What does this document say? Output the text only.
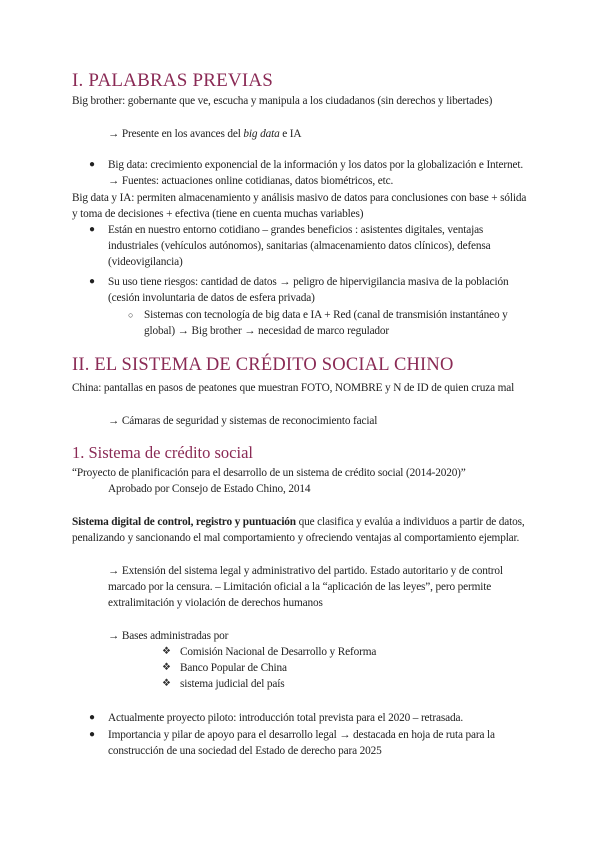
I. PALABRAS PREVIAS
Big brother: gobernante que ve, escucha y manipula a los ciudadanos (sin derechos y libertades)
→ Presente en los avances del big data e IA
● Big data: crecimiento exponencial de la información y los datos por la globalización e Internet. → Fuentes: actuaciones online cotidianas, datos biométricos, etc.
Big data y IA: permiten almacenamiento y análisis masivo de datos para conclusiones con base + sólida y toma de decisiones + efectiva (tiene en cuenta muchas variables)
● Están en nuestro entorno cotidiano – grandes beneficios : asistentes digitales, ventajas industriales (vehículos autónomos), sanitarias (almacenamiento datos clínicos), defensa (videovigilancia)
● Su uso tiene riesgos: cantidad de datos → peligro de hipervigilancia masiva de la población (cesión involuntaria de datos de esfera privada)
○ Sistemas con tecnología de big data e IA + Red (canal de transmisión instantáneo y global) → Big brother → necesidad de marco regulador
II. EL SISTEMA DE CRÉDITO SOCIAL CHINO
China: pantallas en pasos de peatones que muestran FOTO, NOMBRE y N de ID de quien cruza mal
→ Cámaras de seguridad y sistemas de reconocimiento facial
1. Sistema de crédito social
“Proyecto de planificación para el desarrollo de un sistema de crédito social (2014-2020)”
Aprobado por Consejo de Estado Chino, 2014
Sistema digital de control, registro y puntuación que clasifica y evalúa a individuos a partir de datos, penalizando y sancionando el mal comportamiento y ofreciendo ventajas al comportamiento ejemplar.
→ Extensión del sistema legal y administrativo del partido. Estado autoritario y de control marcado por la censura. – Limitación oficial a la “aplicación de las leyes”, pero permite extralimitación y violación de derechos humanos
→ Bases administradas por
❖ Comisión Nacional de Desarrollo y Reforma
❖ Banco Popular de China
❖ sistema judicial del país
● Actualmente proyecto piloto: introducción total prevista para el 2020 – retrasada.
● Importancia y pilar de apoyo para el desarrollo legal → destacada en hoja de ruta para la construcción de una sociedad del Estado de derecho para 2025
